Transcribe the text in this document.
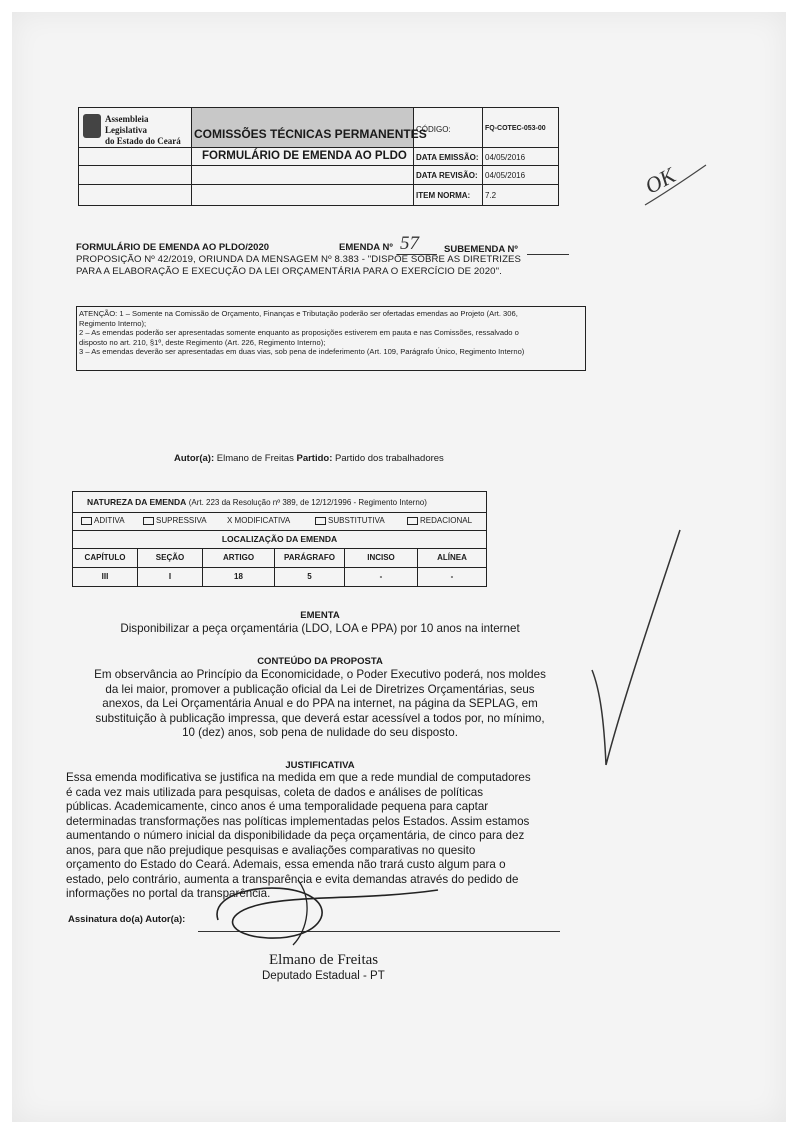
Assembleia Legislativa
do Estado do Ceará	COMISSÕES TÉCNICAS PERMANENTES
FORMULÁRIO DE EMENDA AO PLDO
CÓDIGO:	FQ-COTEC-053-00
DATA EMISSÃO: 04/05/2016
DATA REVISÃO: 04/05/2016
ITEM NORMA: 7.2	OK
FORMULÁRIO DE EMENDA AO PLDO/2020	EMENDA Nº 57	SUBEMENDA Nº
PROPOSIÇÃO Nº 42/2019, ORIUNDA DA MENSAGEM Nº 8.383 - "DISPÕE SOBRE AS DIRETRIZES
PARA A ELABORAÇÃO E EXECUÇÃO DA LEI ORÇAMENTÁRIA PARA O EXERCÍCIO DE 2020".
ATENÇÃO: 1 – Somente na Comissão de Orçamento, Finanças e Tributação poderão ser ofertadas emendas ao Projeto (Art. 306,
Regimento Interno);
2 – As emendas poderão ser apresentadas somente enquanto as proposições estiverem em pauta e nas Comissões, ressalvado o
disposto no art. 210, §1º, deste Regimento (Art. 226, Regimento Interno);
3 – As emendas deverão ser apresentadas em duas vias, sob pena de indeferimento (Art. 109, Parágrafo Único, Regimento Interno)
Autor(a): Elmano de Freitas Partido: Partido dos trabalhadores
NATUREZA DA EMENDA (Art. 223 da Resolução nº 389, de 12/12/1996 - Regimento Interno)
ADITIVA	SUPRESSIVA	X MODIFICATIVA	SUBSTITUTIVA	REDACIONAL
LOCALIZAÇÃO DA EMENDA
CAPÍTULO	SEÇÃO	ARTIGO	PARÁGRAFO	INCISO	ALÍNEA
III	I	18	5	-	-
EMENTA
Disponibilizar a peça orçamentária (LDO, LOA e PPA) por 10 anos na internet
CONTEÚDO DA PROPOSTA
Em observância ao Princípio da Economicidade, o Poder Executivo poderá, nos moldes
da lei maior, promover a publicação oficial da Lei de Diretrizes Orçamentárias, seus
anexos, da Lei Orçamentária Anual e do PPA na internet, na página da SEPLAG, em
substituição à publicação impressa, que deverá estar acessível a todos por, no mínimo,
10 (dez) anos, sob pena de nulidade do seu disposto.
JUSTIFICATIVA
Essa emenda modificativa se justifica na medida em que a rede mundial de computadores
é cada vez mais utilizada para pesquisas, coleta de dados e análises de políticas
públicas. Academicamente, cinco anos é uma temporalidade pequena para captar
determinadas transformações nas políticas implementadas pelos Estados. Assim estamos
aumentando o número inicial da disponibilidade da peça orçamentária, de cinco para dez
anos, para que não prejudique pesquisas e avaliações comparativas no quesito
orçamento do Estado do Ceará. Ademais, essa emenda não trará custo algum para o
estado, pelo contrário, aumenta a transparência e evita demandas através do pedido de
informações no portal da transparência.
Assinatura do(a) Autor(a):
Elmano de Freitas
Deputado Estadual - PT
